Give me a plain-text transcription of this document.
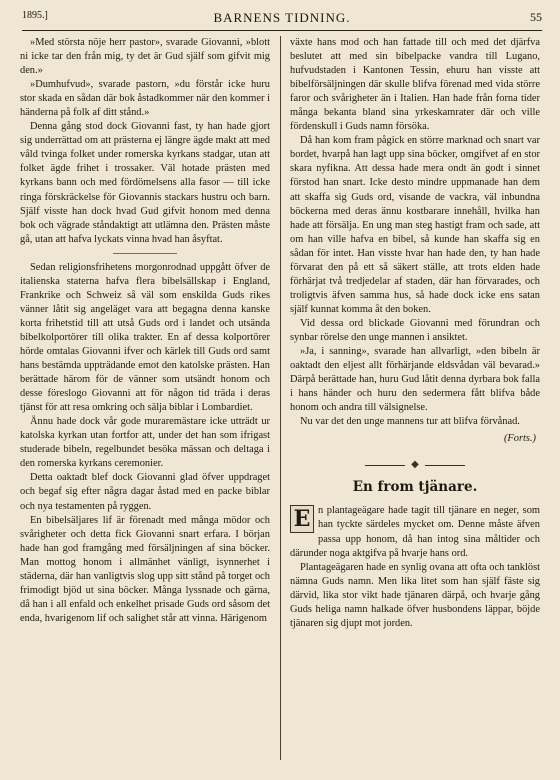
1895.]	BARNENS TIDNING.	55

»Med största nöje herr pastor», svarade Giovanni, »blott ni icke tar den från mig, ty det är Gud själf som gifvit mig den.»

»Dumhufvud», svarade pastorn, »du förstår icke huru stor skada en sådan där bok åstadkommer när den kommer i händerna på folk af ditt stånd.»

Denna gång stod dock Giovanni fast, ty han hade gjort sig underrättad om att prästerna ej längre ägde makt att med våld tvinga folket under romerska kyrkans stadgar, utan att folket ägde frihet i trossaker. Väl hotade prästen med kyrkans bann och med fördömelsens alla fasor — till icke ringa förskräckelse för Giovannis stackars hustru och barn. Själf visste han dock hvad Gud gifvit honom med denna bok och vägrade ståndaktigt att utlämna den. Prästen måste gå, utan att hafva lyckats vinna hvad han åsyftat.

Sedan religionsfrihetens morgonrodnad uppgått öfver de italienska staterna hafva flera bibelsällskap i England, Frankrike och Schweiz så väl som enskilda Guds rikes vänner låtit sig angeläget vara att begagna denna kanske korta frihetstid till att utså Guds ord i landet och utsända bibelkolportörer till olika trakter. En af dessa kolportörer hörde omtalas Giovanni ifver och kärlek till Guds ord samt hans bestämda uppträdande emot den katolske prästen. Han berättade härom för de vänner som utsändt honom och desse föreslogo Giovanni att för någon tid träda i deras tjänst för att resa omkring och sälja biblar i Lombardiet.

Ännu hade dock vår gode muraremästare icke utträdt ur katolska kyrkan utan fortfor att, under det han som ifrigast studerade bibeln, regelbundet besöka mässan och deltaga i den romerska kyrkans ceremonier.

Detta oaktadt blef dock Giovanni glad öfver uppdraget och begaf sig efter några dagar åstad med en packe biblar och nya testamenten på ryggen.

En bibelsäljares lif är förenadt med många mödor och svårigheter och detta fick Giovanni snart erfara. I början hade han god framgång med försäljningen af sina böcker. Man mottog honom i allmänhet vänligt, isynnerhet i städerna, där han vanligtvis slog upp sitt stånd på torget och frimodigt bjöd ut sina böcker. Många lyssnade och gärna, då han i all enfald och enkelhet prisade Guds ord såsom det enda, hvarigenom lif och salighet står att vinna. Härigenom

växte hans mod och han fattade till och med det djärfva beslutet att med sin bibelpacke vandra till Lugano, hufvudstaden i Kantonen Tessin, ehuru han visste att bibelförsäljningen där skulle blifva förenad med vida större faror och svårigheter än i Italien. Han hade från forna tider många bekanta bland sina yrkeskamrater där och ville fördenskull i Guds namn försöka.

Då han kom fram pågick en större marknad och snart var bordet, hvarpå han lagt upp sina böcker, omgifvet af en stor skara nyfikna. Att dessa hade mera ondt än godt i sinnet förstod han snart. Icke desto mindre uppmanade han dem att skaffa sig Guds ord, visande de vackra, väl inbundna böckerna med deras ännu kostbarare innehåll, hvilka han hade att försälja. En ung man steg hastigt fram och sade, att om han ville hafva en bibel, så kunde han skaffa sig en sådan för intet. Han visste hvar han hade den, ty han hade förvarat den på ett så säkert ställe, att trots elden hade förhärjat två tredjedelar af staden, där han förvarades, och troligtvis äfven samma hus, så hade dock icke ens satan själf kunnat komma åt den boken.

Vid dessa ord blickade Giovanni med förundran och synbar rörelse den unge mannen i ansiktet.

»Ja, i sanning», svarade han allvarligt, »den bibeln är oaktadt den eljest allt förhärjande eldsvådan väl bevarad.» Därpå berättade han, huru Gud låtit denna dyrbara bok falla i hans händer och huru den sedermera fått blifva både honom och andra till välsignelse.

Nu var det den unge mannens tur att blifva förvånad.

(Forts.)
◆
En from tjänare.

E n plantageägare hade tagit till tjänare en neger, som han tyckte särdeles mycket om. Denne måste äfven passa upp honom, då han intog sina måltider och därunder noga aktgifva på hvarje hans ord.

Plantageägaren hade en synlig ovana att ofta och tanklöst nämna Guds namn. Men lika litet som han själf fäste sig därvid, lika stor vikt hade tjänaren därpå, och hvarje gång Guds heliga namn halkade öfver husbondens läppar, böjde tjänaren sig djupt mot jorden.
